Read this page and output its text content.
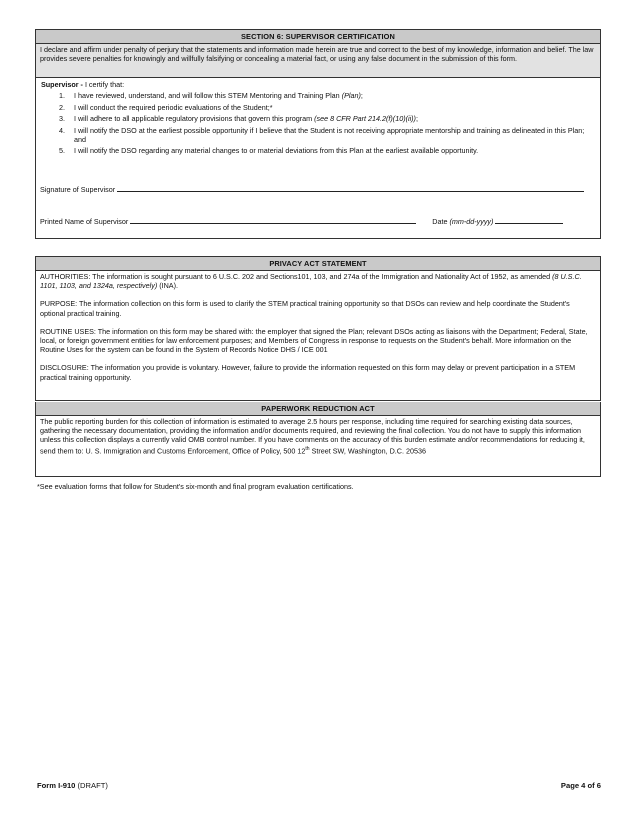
SECTION 6: SUPERVISOR CERTIFICATION
I declare and affirm under penalty of perjury that the statements and information made herein are true and correct to the best of my knowledge, information and belief. The law provides severe penalties for knowingly and willfully falsifying or concealing a material fact, or using any false document in the submission of this form.
Supervisor - I certify that:
1. I have reviewed, understand, and will follow this STEM Mentoring and Training Plan (Plan);
2. I will conduct the required periodic evaluations of the Student;*
3. I will adhere to all applicable regulatory provisions that govern this program (see 8 CFR Part 214.2(f)(10)(ii));
4. I will notify the DSO at the earliest possible opportunity if I believe that the Student is not receiving appropriate mentorship and training as delineated in this Plan; and
5. I will notify the DSO regarding any material changes to or material deviations from this Plan at the earliest available opportunity.
Signature of Supervisor
Printed Name of Supervisor	Date (mm-dd-yyyy)
PRIVACY ACT STATEMENT
AUTHORITIES: The information is sought pursuant to 6 U.S.C. 202 and Sections101, 103, and 274a of the Immigration and Nationality Act of 1952, as amended (8 U.S.C. 1101, 1103, and 1324a, respectively) (INA).
PURPOSE: The information collection on this form is used to clarify the STEM practical training opportunity so that DSOs can review and help coordinate the Student's optional practical training.
ROUTINE USES: The information on this form may be shared with: the employer that signed the Plan; relevant DSOs acting as liaisons with the Department; Federal, State, local, or foreign government entities for law enforcement purposes; and Members of Congress in response to requests on the Student's behalf. More information on the Routine Uses for the system can be found in the System of Records Notice DHS / ICE 001
DISCLOSURE: The information you provide is voluntary. However, failure to provide the information requested on this form may delay or prevent participation in a STEM practical training opportunity.
PAPERWORK REDUCTION ACT
The public reporting burden for this collection of information is estimated to average 2.5 hours per response, including time required for searching existing data sources, gathering the necessary documentation, providing the information and/or documents required, and reviewing the final collection. You do not have to supply this information unless this collection displays a currently valid OMB control number. If you have comments on the accuracy of this burden estimate and/or recommendations for reducing it, send them to: U. S. Immigration and Customs Enforcement, Office of Policy, 500 12th Street SW, Washington, D.C. 20536
*See evaluation forms that follow for Student's six-month and final program evaluation certifications.
Form I-910 (DRAFT)	Page 4 of 6
